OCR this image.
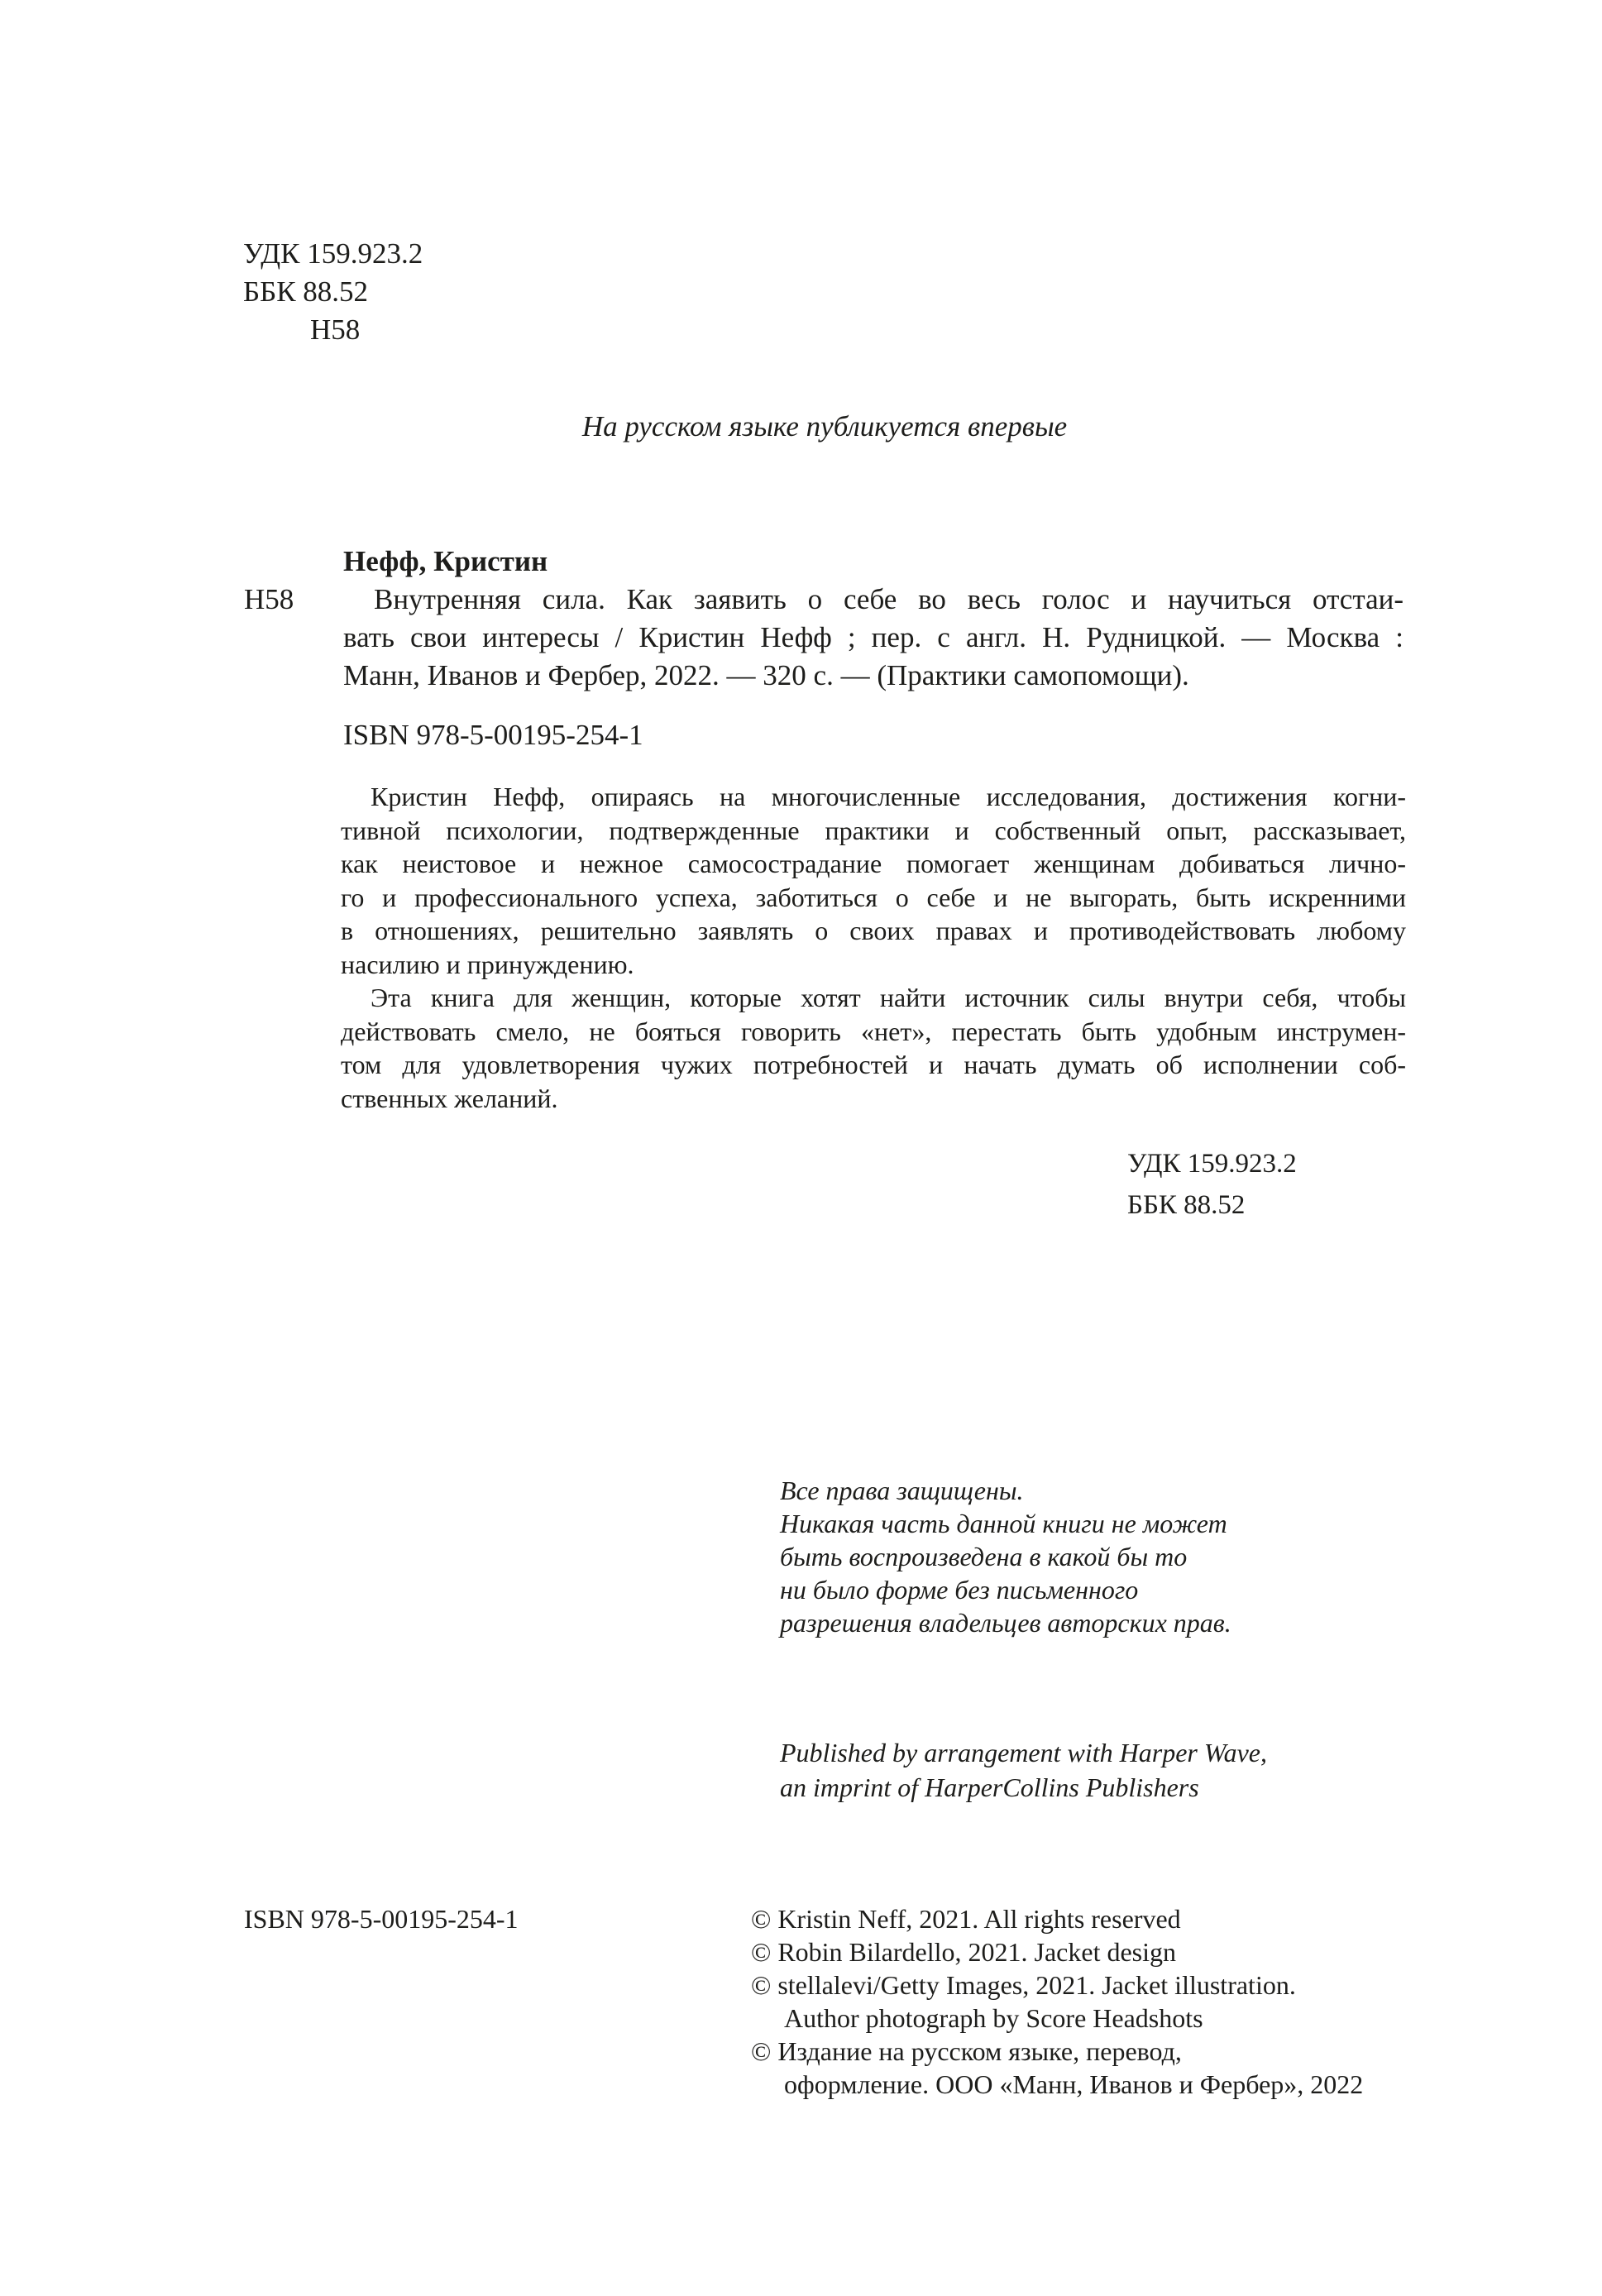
УДК 159.923.2
ББК 88.52
Н58
На русском языке публикуется впервые
Нефф, Кристин
Н58	Внутренняя сила. Как заявить о себе во весь голос и научиться отстаи-
вать свои интересы / Кристин Нефф ; пер. с англ. Н. Рудницкой. — Москва :
Манн, Иванов и Фербер, 2022. — 320 с. — (Практики самопомощи).
ISBN 978-5-00195-254-1
Кристин Нефф, опираясь на многочисленные исследования, достижения когни-
тивной психологии, подтвержденные практики и собственный опыт, рассказывает,
как неистовое и нежное самосострадание помогает женщинам добиваться лично-
го и профессионального успеха, заботиться о себе и не выгорать, быть искренними
в отношениях, решительно заявлять о своих правах и противодействовать любому
насилию и принуждению.
Эта книга для женщин, которые хотят найти источник силы внутри себя, чтобы
действовать смело, не бояться говорить «нет», перестать быть удобным инструмен-
том для удовлетворения чужих потребностей и начать думать об исполнении соб-
ственных желаний.
УДК 159.923.2
ББК 88.52
Все права защищены.
Никакая часть данной книги не может
быть воспроизведена в какой бы то
ни было форме без письменного
разрешения владельцев авторских прав.
Published by arrangement with Harper Wave,
an imprint of HarperCollins Publishers
ISBN 978-5-00195-254-1	© Kristin Neff, 2021. All rights reserved
© Robin Bilardello, 2021. Jacket design
© stellalevi/Getty Images, 2021. Jacket illustration.
Author photograph by Score Headshots
© Издание на русском языке, перевод,
оформление. ООО «Манн, Иванов и Фербер», 2022
